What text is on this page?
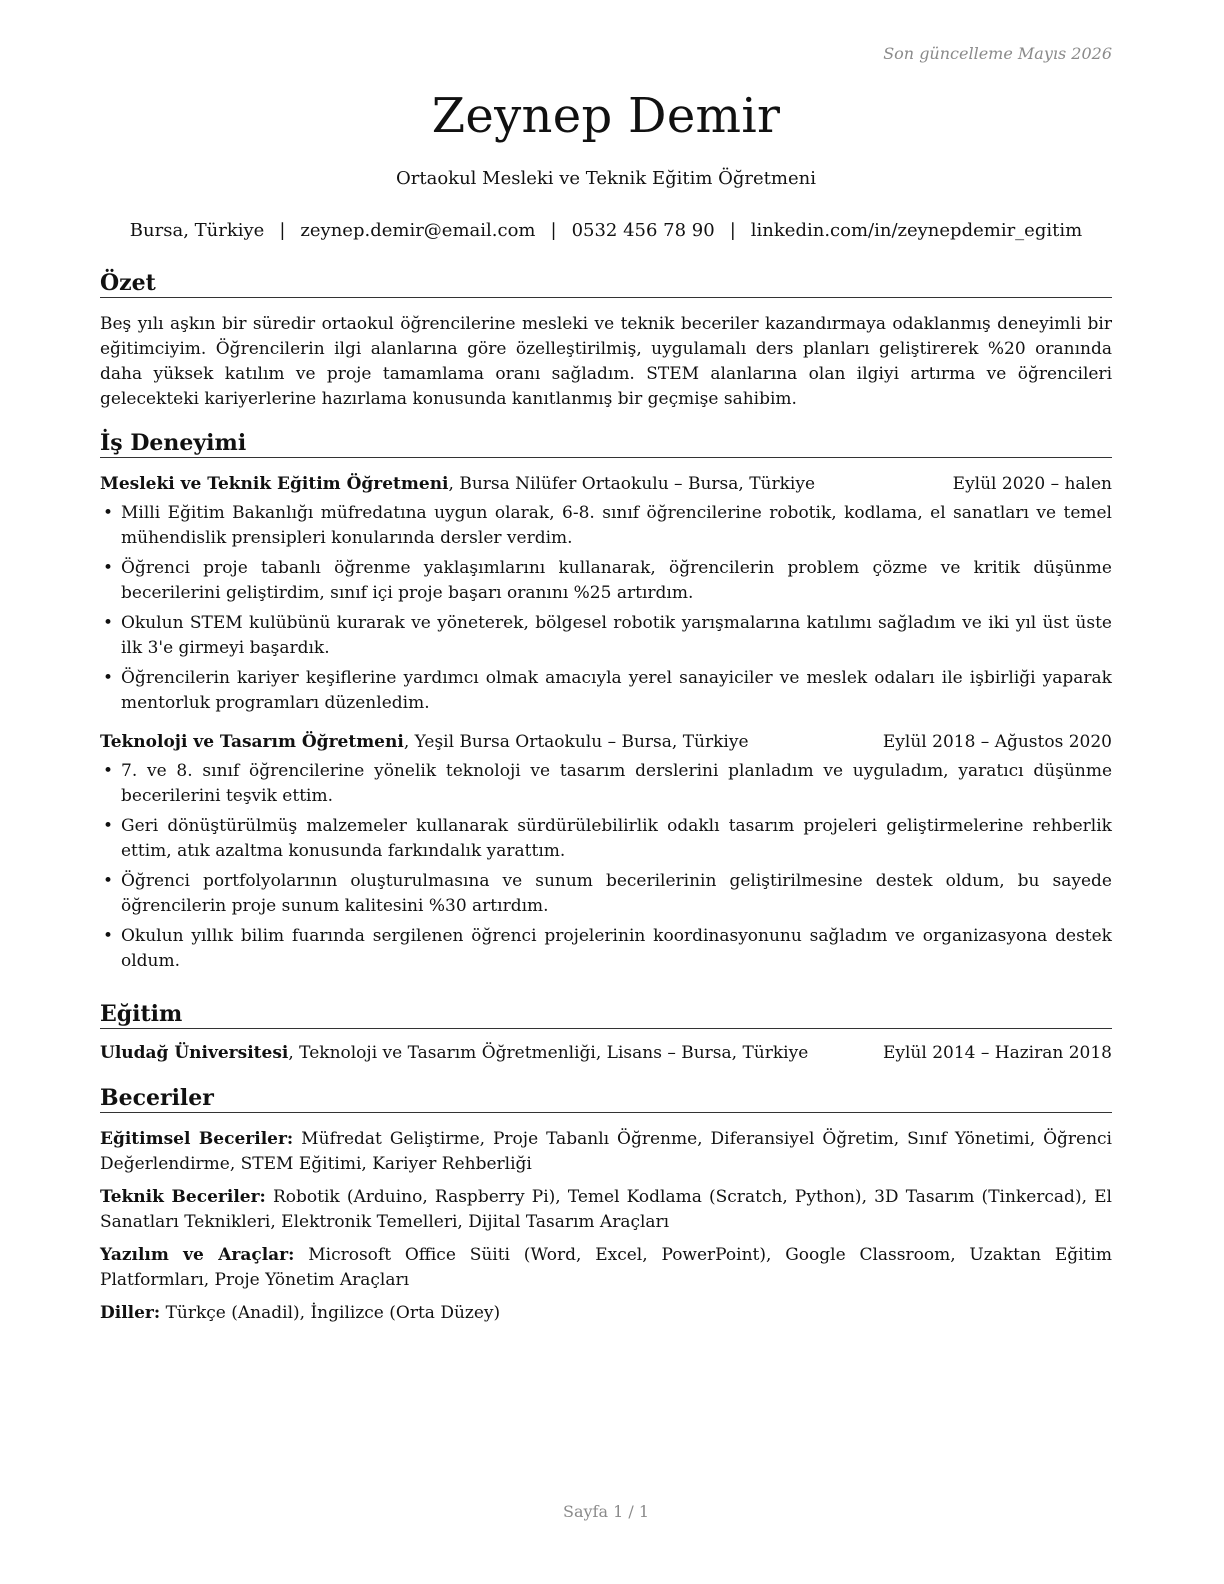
Son güncelleme Mayıs 2026
Zeynep Demir
Ortaokul Mesleki ve Teknik Eğitim Öğretmeni
Bursa, Türkiye | zeynep.demir@email.com | 0532 456 78 90 | linkedin.com/in/zeynepdemir_egitim
Özet
Beş yılı aşkın bir süredir ortaokul öğrencilerine mesleki ve teknik beceriler kazandırmaya odaklanmış deneyimli bir eğitimciyim. Öğrencilerin ilgi alanlarına göre özelleştirilmiş, uygulamalı ders planları geliştirerek %20 oranında daha yüksek katılım ve proje tamamlama oranı sağladım. STEM alanlarına olan ilgiyi artırma ve öğrencileri gelecekteki kariyerlerine hazırlama konusunda kanıtlanmış bir geçmişe sahibim.
İş Deneyimi
Mesleki ve Teknik Eğitim Öğretmeni, Bursa Nilüfer Ortaokulu – Bursa, Türkiye	Eylül 2020 – halen
• Milli Eğitim Bakanlığı müfredatına uygun olarak, 6-8. sınıf öğrencilerine robotik, kodlama, el sanatları ve temel mühendislik prensipleri konularında dersler verdim.
• Öğrenci proje tabanlı öğrenme yaklaşımlarını kullanarak, öğrencilerin problem çözme ve kritik düşünme becerilerini geliştirdim, sınıf içi proje başarı oranını %25 artırdım.
• Okulun STEM kulübünü kurarak ve yöneterek, bölgesel robotik yarışmalarına katılımı sağladım ve iki yıl üst üste ilk 3'e girmeyi başardık.
• Öğrencilerin kariyer keşiflerine yardımcı olmak amacıyla yerel sanayiciler ve meslek odaları ile işbirliği yaparak mentorluk programları düzenledim.
Teknoloji ve Tasarım Öğretmeni, Yeşil Bursa Ortaokulu – Bursa, Türkiye	Eylül 2018 – Ağustos 2020
• 7. ve 8. sınıf öğrencilerine yönelik teknoloji ve tasarım derslerini planladım ve uyguladım, yaratıcı düşünme becerilerini teşvik ettim.
• Geri dönüştürülmüş malzemeler kullanarak sürdürülebilirlik odaklı tasarım projeleri geliştirmelerine rehberlik ettim, atık azaltma konusunda farkındalık yarattım.
• Öğrenci portfolyolarının oluşturulmasına ve sunum becerilerinin geliştirilmesine destek oldum, bu sayede öğrencilerin proje sunum kalitesini %30 artırdım.
• Okulun yıllık bilim fuarında sergilenen öğrenci projelerinin koordinasyonunu sağladım ve organizasyona destek oldum.
Eğitim
Uludağ Üniversitesi, Teknoloji ve Tasarım Öğretmenliği, Lisans – Bursa, Türkiye	Eylül 2014 – Haziran 2018
Beceriler
Eğitimsel Beceriler: Müfredat Geliştirme, Proje Tabanlı Öğrenme, Diferansiyel Öğretim, Sınıf Yönetimi, Öğrenci Değerlendirme, STEM Eğitimi, Kariyer Rehberliği
Teknik Beceriler: Robotik (Arduino, Raspberry Pi), Temel Kodlama (Scratch, Python), 3D Tasarım (Tinkercad), El Sanatları Teknikleri, Elektronik Temelleri, Dijital Tasarım Araçları
Yazılım ve Araçlar: Microsoft Office Süiti (Word, Excel, PowerPoint), Google Classroom, Uzaktan Eğitim Platformları, Proje Yönetim Araçları
Diller: Türkçe (Anadil), İngilizce (Orta Düzey)
Sayfa 1 / 1
